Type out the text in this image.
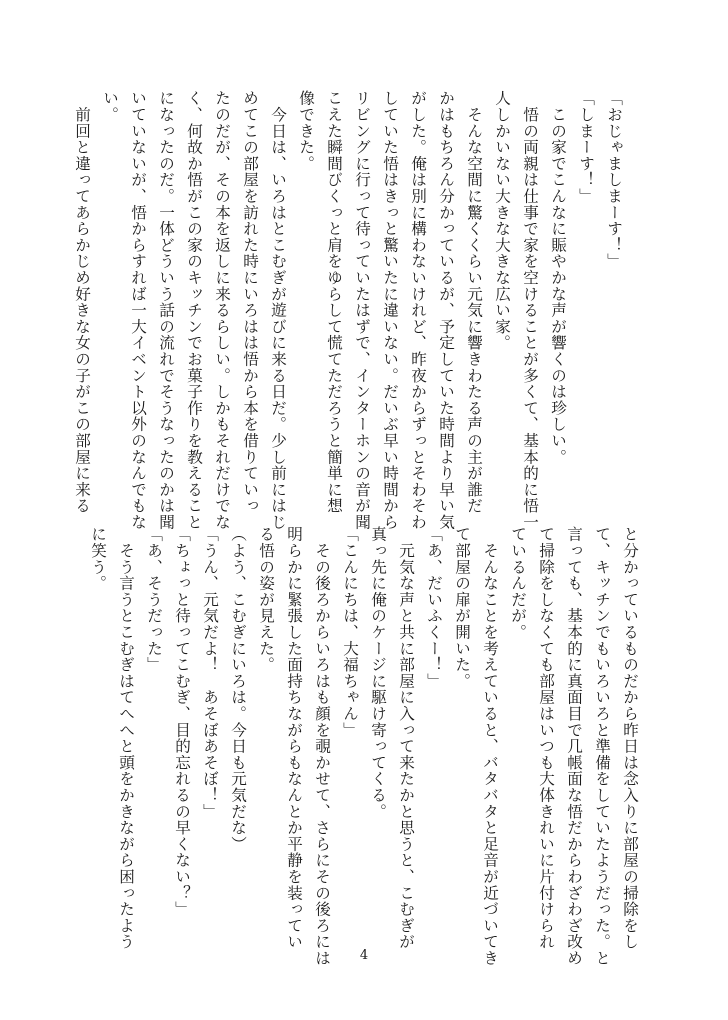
「おじゃましまーす！」
「しまーす！」
　この家でこんなに賑やかな声が響くのは珍しい。
　悟の両親は仕事で家を空けることが多くて、基本的に悟一
人しかいない大きな大きな広い家。
　そんな空間に驚くくらい元気に響きわたる声の主が誰だ
かはもちろん分かっているが、予定していた時間より早い気
がした。俺は別に構わないけれど、昨夜からずっとそわそわ
していた悟はきっと驚いたに違いない。だいぶ早い時間から
リビングに行って待っていたはずで、インターホンの音が聞
こえた瞬間びくっと肩をゆらして慌てただろうと簡単に想
像できた。
　今日は、いろはとこむぎが遊びに来る日だ。少し前にはじ
めてこの部屋を訪れた時にいろはは悟から本を借りていっ
たのだが、その本を返しに来るらしい。しかもそれだけでな
く、何故か悟がこの家のキッチンでお菓子作りを教えること
になったのだ。一体どういう話の流れでそうなったのかは聞
いていないが、悟からすれば一大イベント以外のなんでもな
い。
　前回と違ってあらかじめ好きな女の子がこの部屋に来る
と分かっているものだから昨日は念入りに部屋の掃除をし
て、キッチンでもいろいろと準備をしていたようだった。と
言っても、基本的に真面目で几帳面な悟だからわざわざ改め
て掃除をしなくても部屋はいつも大体きれいに片付けられ
ているんだが。
　そんなことを考えていると、バタバタと足音が近づいてき
て部屋の扉が開いた。
「あ、だいふくー！」
　元気な声と共に部屋に入って来たかと思うと、こむぎが
真っ先に俺のケージに駆け寄ってくる。
「こんにちは、大福ちゃん」
　その後ろからいろはも顔を覗かせて、さらにその後ろには
明らかに緊張した面持ちながらもなんとか平静を装ってい
る悟の姿が見えた。
（よう、こむぎにいろは。今日も元気だな）
「うん、元気だよ！　あそぼあそぼ！」
「ちょっと待ってこむぎ、目的忘れるの早くない？」
「あ、そうだった」
　そう言うとこむぎはてへへと頭をかきながら困ったよう
に笑う。
4
